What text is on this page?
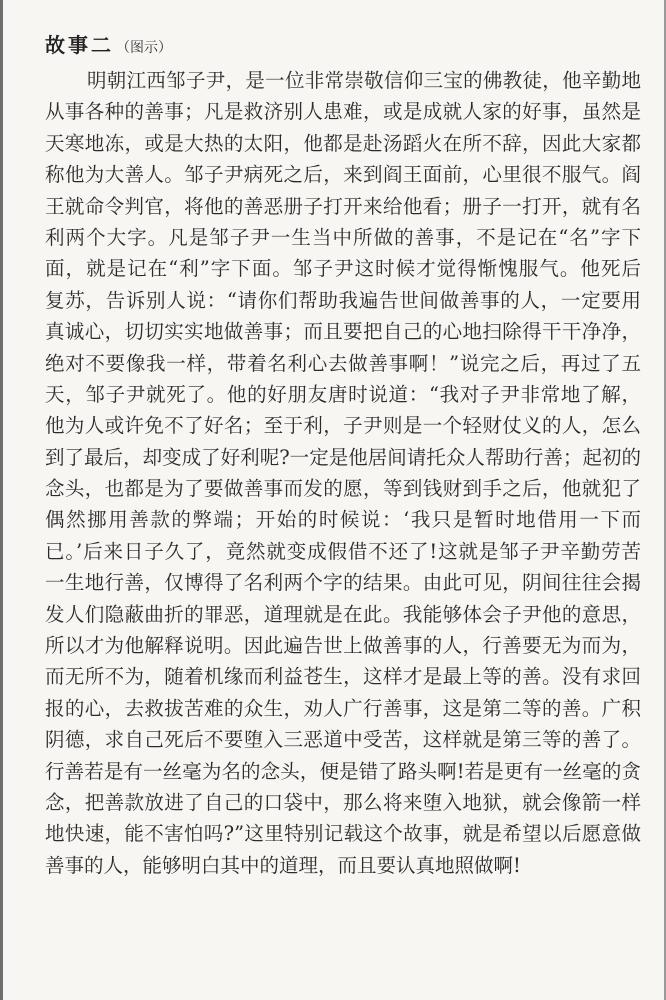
故事二 （图示）
明朝江西邹子尹，是一位非常崇敬信仰三宝的佛教徒，他辛勤地
从事各种的善事；凡是救济别人患难，或是成就人家的好事，虽然是
天寒地冻，或是大热的太阳，他都是赴汤蹈火在所不辞，因此大家都
称他为大善人。邹子尹病死之后，来到阎王面前，心里很不服气。阎
王就命令判官，将他的善恶册子打开来给他看；册子一打开，就有名
利两个大字。凡是邹子尹一生当中所做的善事，不是记在“名”字下
面，就是记在“利”字下面。邹子尹这时候才觉得惭愧服气。他死后
复苏，告诉别人说：“请你们帮助我遍告世间做善事的人，一定要用
真诚心，切切实实地做善事；而且要把自己的心地扫除得干干净净，
绝对不要像我一样，带着名利心去做善事啊！”说完之后，再过了五
天，邹子尹就死了。他的好朋友唐时说道：“我对子尹非常地了解，
他为人或许免不了好名；至于利，子尹则是一个轻财仗义的人，怎么
到了最后，却变成了好利呢?一定是他居间请托众人帮助行善；起初的
念头，也都是为了要做善事而发的愿，等到钱财到手之后，他就犯了
偶然挪用善款的弊端；开始的时候说：‘我只是暂时地借用一下而
已。’后来日子久了，竟然就变成假借不还了!这就是邹子尹辛勤劳苦
一生地行善，仅博得了名利两个字的结果。由此可见，阴间往往会揭
发人们隐蔽曲折的罪恶，道理就是在此。我能够体会子尹他的意思，
所以才为他解释说明。因此遍告世上做善事的人，行善要无为而为，
而无所不为，随着机缘而利益苍生，这样才是最上等的善。没有求回
报的心，去救拔苦难的众生，劝人广行善事，这是第二等的善。广积
阴德，求自己死后不要堕入三恶道中受苦，这样就是第三等的善了。
行善若是有一丝毫为名的念头，便是错了路头啊!若是更有一丝毫的贪
念，把善款放进了自己的口袋中，那么将来堕入地狱，就会像箭一样
地快速，能不害怕吗?”这里特别记载这个故事，就是希望以后愿意做
善事的人，能够明白其中的道理，而且要认真地照做啊!
